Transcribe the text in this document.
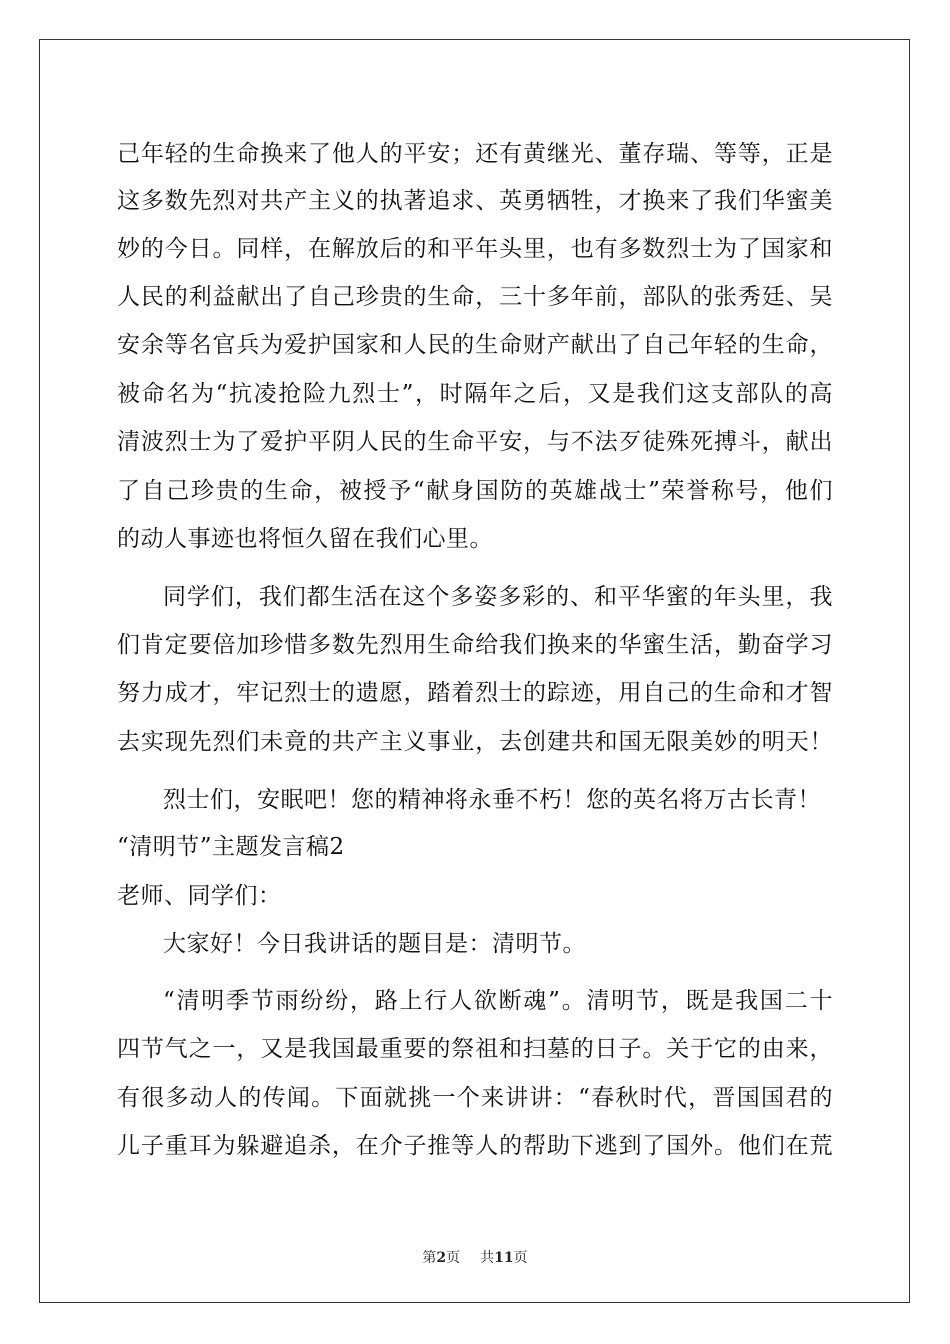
己年轻的生命换来了他人的平安；还有黄继光、董存瑞、等等，正是
这多数先烈对共产主义的执著追求、英勇牺牲，才换来了我们华蜜美
妙的今日。同样，在解放后的和平年头里，也有多数烈士为了国家和
人民的利益献出了自己珍贵的生命，三十多年前，部队的张秀廷、吴
安余等名官兵为爱护国家和人民的生命财产献出了自己年轻的生命，
被命名为“抗凌抢险九烈士”，时隔年之后，又是我们这支部队的高
清波烈士为了爱护平阴人民的生命平安，与不法歹徒殊死搏斗，献出
了自己珍贵的生命，被授予“献身国防的英雄战士”荣誉称号，他们
的动人事迹也将恒久留在我们心里。
同学们，我们都生活在这个多姿多彩的、和平华蜜的年头里，我
们肯定要倍加珍惜多数先烈用生命给我们换来的华蜜生活，勤奋学习
努力成才，牢记烈士的遗愿，踏着烈士的踪迹，用自己的生命和才智
去实现先烈们未竟的共产主义事业，去创建共和国无限美妙的明天！
烈士们，安眠吧！您的精神将永垂不朽！您的英名将万古长青！
“清明节”主题发言稿2
老师、同学们：
大家好！今日我讲话的题目是：清明节。
“清明季节雨纷纷，路上行人欲断魂”。清明节，既是我国二十
四节气之一，又是我国最重要的祭祖和扫墓的日子。关于它的由来，
有很多动人的传闻。下面就挑一个来讲讲：“春秋时代，晋国国君的
儿子重耳为躲避追杀，在介子推等人的帮助下逃到了国外。他们在荒
第2页 共11页
